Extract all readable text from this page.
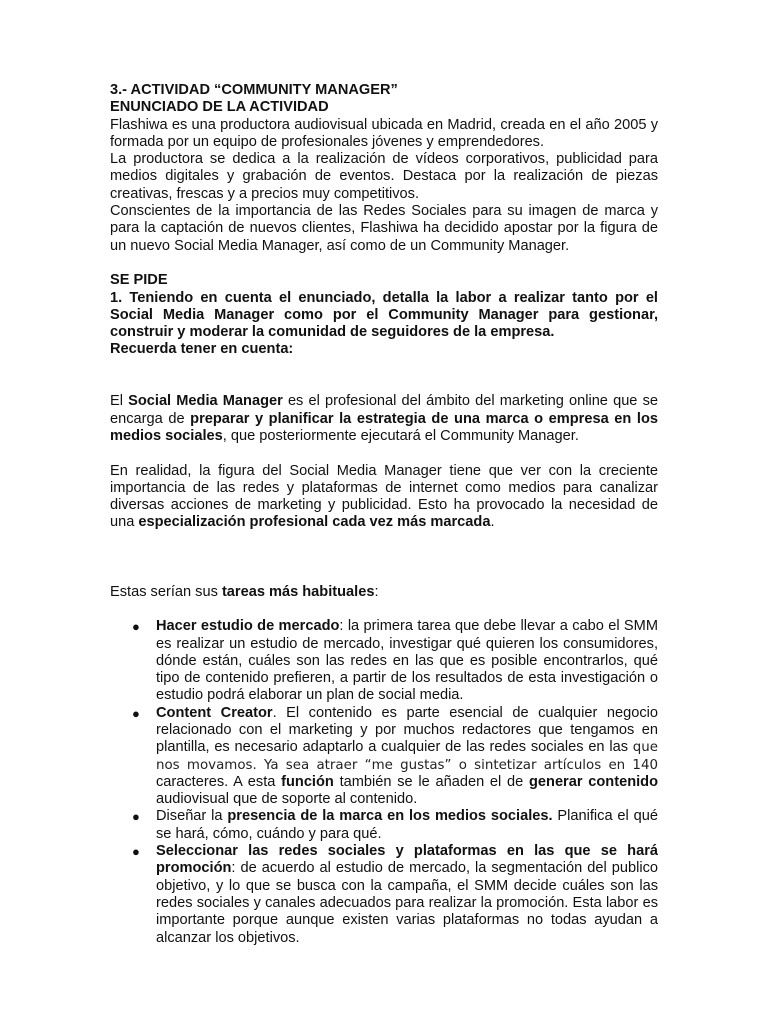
3.- ACTIVIDAD “COMMUNITY MANAGER”

ENUNCIADO DE LA ACTIVIDAD

Flashiwa es una productora audiovisual ubicada en Madrid, creada en el año 2005 y formada por un equipo de profesionales jóvenes y emprendedores.

La productora se dedica a la realización de vídeos corporativos, publicidad para medios digitales y grabación de eventos. Destaca por la realización de piezas creativas, frescas y a precios muy competitivos.

Conscientes de la importancia de las Redes Sociales para su imagen de marca y para la captación de nuevos clientes, Flashiwa ha decidido apostar por la figura de un nuevo Social Media Manager, así como de un Community Manager.

SE PIDE

1. Teniendo en cuenta el enunciado, detalla la labor a realizar tanto por el Social Media Manager como por el Community Manager para gestionar, construir y moderar la comunidad de seguidores de la empresa.

Recuerda tener en cuenta:

El Social Media Manager es el profesional del ámbito del marketing online que se encarga de preparar y planificar la estrategia de una marca o empresa en los medios sociales, que posteriormente ejecutará el Community Manager.

En realidad, la figura del Social Media Manager tiene que ver con la creciente importancia de las redes y plataformas de internet como medios para canalizar diversas acciones de marketing y publicidad. Esto ha provocado la necesidad de una especialización profesional cada vez más marcada.

Estas serían sus tareas más habituales:

● Hacer estudio de mercado: la primera tarea que debe llevar a cabo el SMM es realizar un estudio de mercado, investigar qué quieren los consumidores, dónde están, cuáles son las redes en las que es posible encontrarlos, qué tipo de contenido prefieren, a partir de los resultados de esta investigación o estudio podrá elaborar un plan de social media.
● Content Creator. El contenido es parte esencial de cualquier negocio relacionado con el marketing y por muchos redactores que tengamos en plantilla, es necesario adaptarlo a cualquier de las redes sociales en las que nos movamos. Ya sea atraer “me gustas” o sintetizar artículos en 140 caracteres. A esta función también se le añaden el de generar contenido audiovisual que de soporte al contenido.
● Diseñar la presencia de la marca en los medios sociales. Planifica el qué se hará, cómo, cuándo y para qué.
● Seleccionar las redes sociales y plataformas en las que se hará promoción: de acuerdo al estudio de mercado, la segmentación del publico objetivo, y lo que se busca con la campaña, el SMM decide cuáles son las redes sociales y canales adecuados para realizar la promoción. Esta labor es importante porque aunque existen varias plataformas no todas ayudan a alcanzar los objetivos.
